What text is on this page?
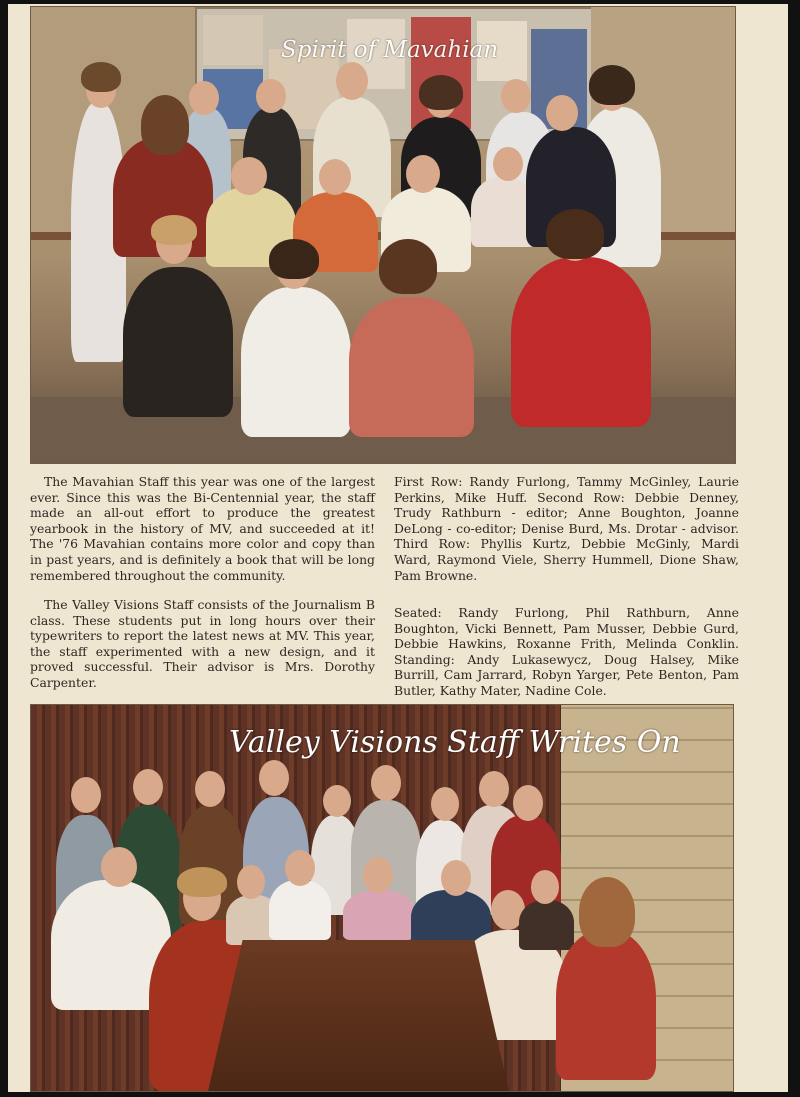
Spirit of Mavahian

The Mavahian Staff this year was one of the largest ever. Since this was the Bi-Centennial year, the staff made an all-out effort to produce the greatest yearbook in the history of MV, and succeeded at it! The '76 Mavahian contains more color and copy than in past years, and is definitely a book that will be long remembered throughout the community.

The Valley Visions Staff consists of the Journalism B class. These students put in long hours over their typewriters to report the latest news at MV. This year, the staff experimented with a new design, and it proved successful. Their advisor is Mrs. Dorothy Carpenter.

First Row: Randy Furlong, Tammy McGinley, Laurie Perkins, Mike Huff. Second Row: Debbie Denney, Trudy Rathburn - editor; Anne Boughton, Joanne DeLong - co-editor; Denise Burd, Ms. Drotar - advisor. Third Row: Phyllis Kurtz, Debbie McGinly, Mardi Ward, Raymond Viele, Sherry Hummell, Dione Shaw, Pam Browne.

Seated: Randy Furlong, Phil Rathburn, Anne Boughton, Vicki Bennett, Pam Musser, Debbie Gurd, Debbie Hawkins, Roxanne Frith, Melinda Conklin. Standing: Andy Lukasewycz, Doug Halsey, Mike Burrill, Cam Jarrard, Robyn Yarger, Pete Benton, Pam Butler, Kathy Mater, Nadine Cole.

Valley Visions Staff Writes On
